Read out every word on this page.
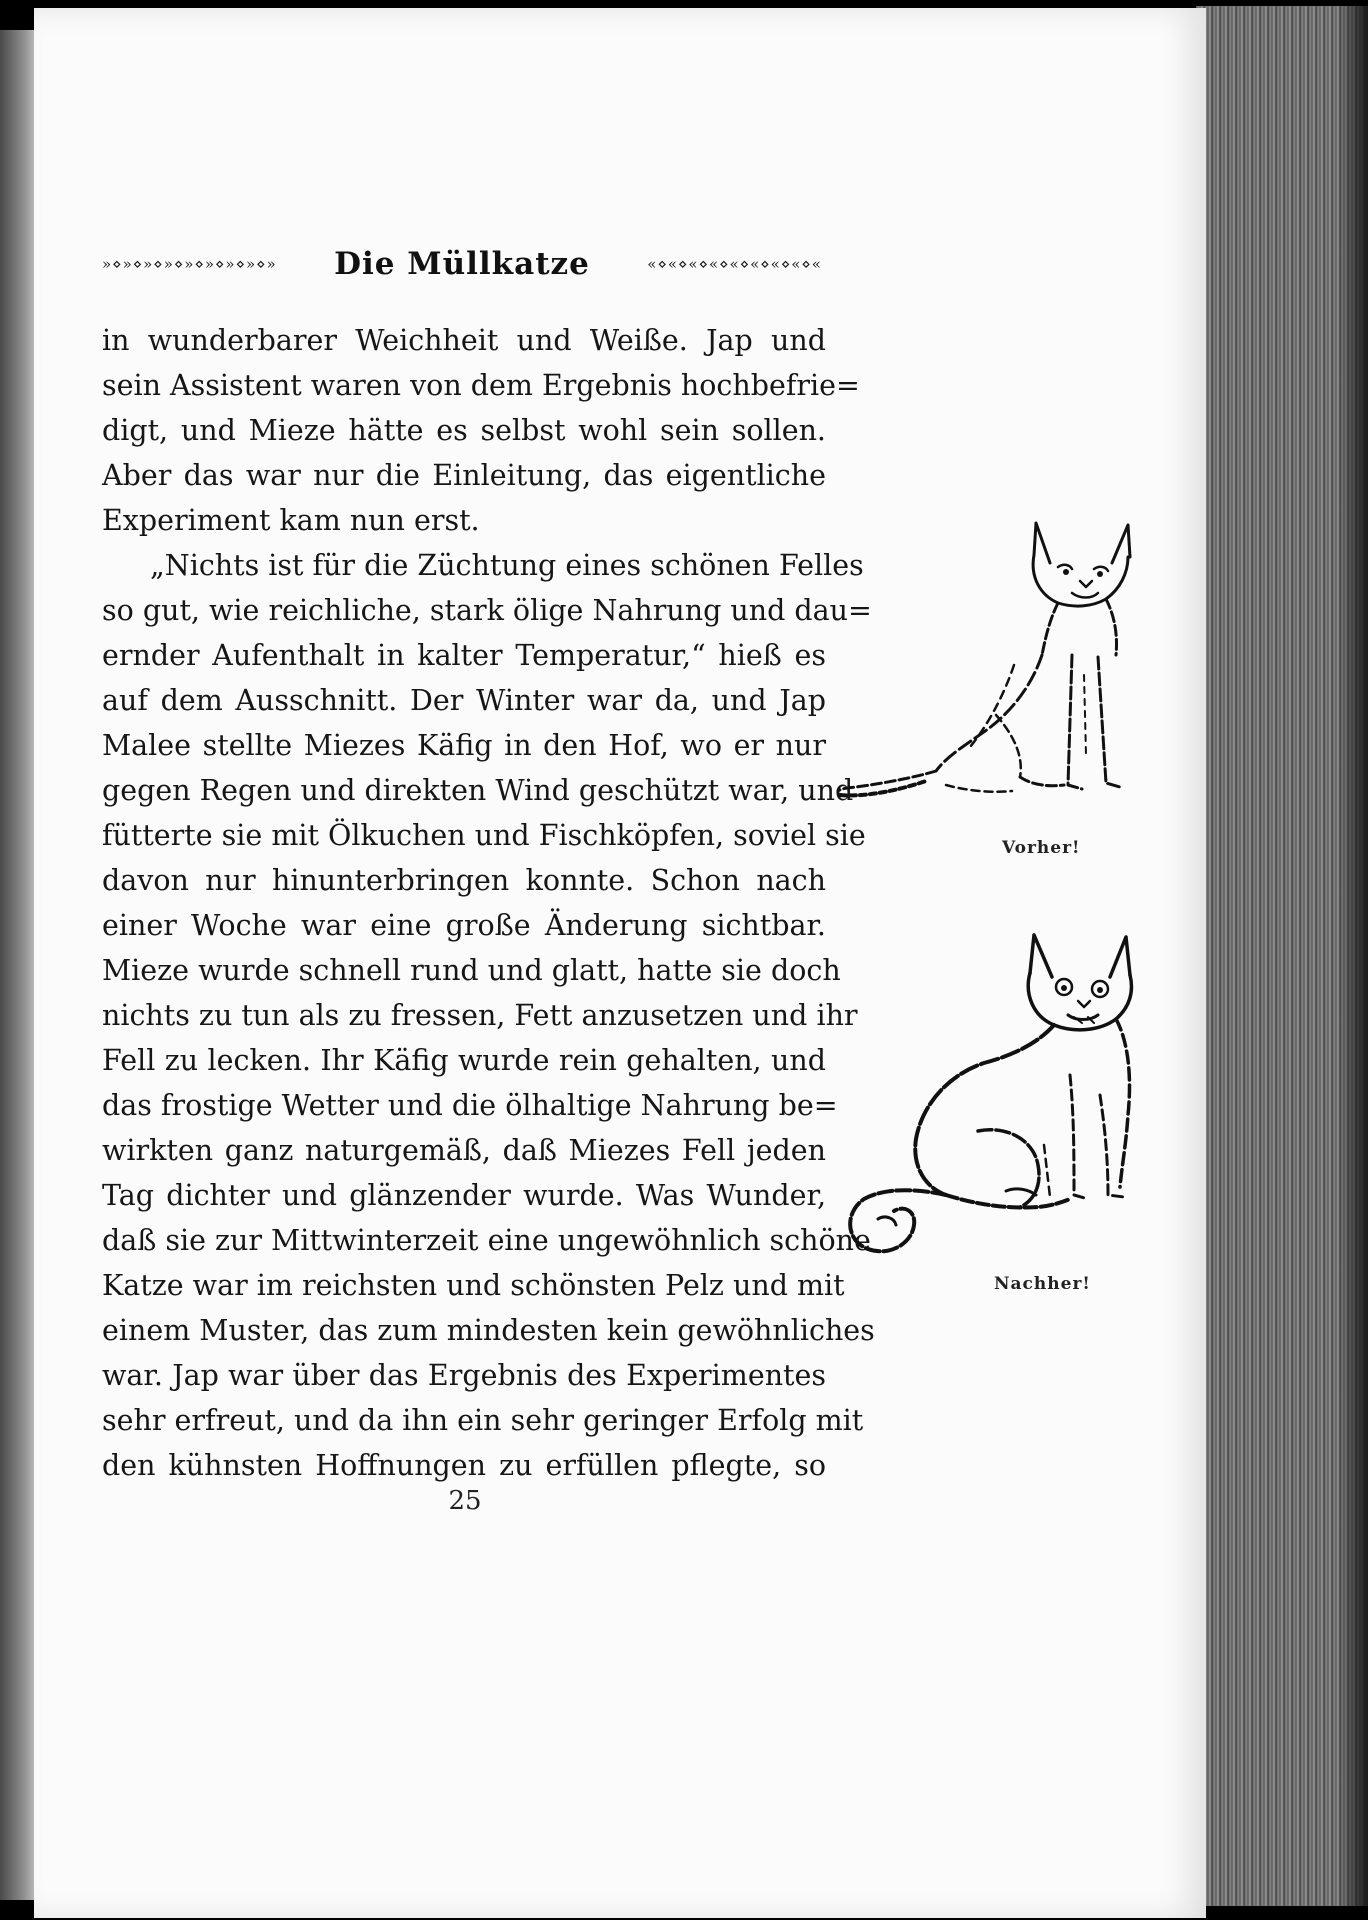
»⋄»⋄»⋄»⋄»⋄»⋄»⋄»⋄» Die Müllkatze	«⋄«⋄«⋄«⋄«⋄«⋄«⋄«⋄«
in wunderbarer Weichheit und Weiße. Jap und
sein Assistent waren von dem Ergebnis hochbefrie=
digt, und Mieze hätte es selbst wohl sein sollen.
Aber das war nur die Einleitung, das eigentliche
Experiment kam nun erst.
„Nichts ist für die Züchtung eines schönen Felles
so gut, wie reichliche, stark ölige Nahrung und dau=
ernder Aufenthalt in kalter Temperatur,“ hieß es
auf dem Ausschnitt. Der Winter war da, und Jap
Malee stellte Miezes Käfig in den Hof, wo er nur
gegen Regen und direkten Wind geschützt war, und
fütterte sie mit Ölkuchen und Fischköpfen, soviel sie
davon nur hinunterbringen konnte. Schon nach
einer Woche war eine große Änderung sichtbar.
Mieze wurde schnell rund und glatt, hatte sie doch
nichts zu tun als zu fressen, Fett anzusetzen und ihr
Fell zu lecken. Ihr Käfig wurde rein gehalten, und
das frostige Wetter und die ölhaltige Nahrung be=
wirkten ganz naturgemäß, daß Miezes Fell jeden
Tag dichter und glänzender wurde. Was Wunder,
daß sie zur Mittwinterzeit eine ungewöhnlich schöne
Katze war im reichsten und schönsten Pelz und mit
einem Muster, das zum mindesten kein gewöhnliches
war. Jap war über das Ergebnis des Experimentes
sehr erfreut, und da ihn ein sehr geringer Erfolg mit
den kühnsten Hoffnungen zu erfüllen pflegte, so
25
Vorher!
Nachher!
